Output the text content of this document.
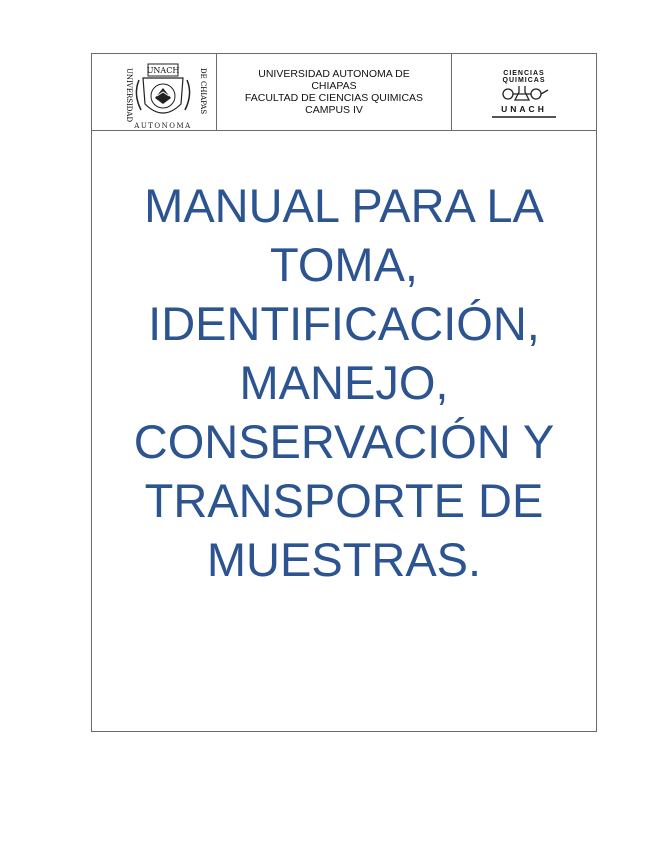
UNIVERSIDAD	DE CHIAPAS
UNACH
AUTONOMA
UNIVERSIDAD AUTONOMA DE
CHIAPAS
FACULTAD DE CIENCIAS QUIMICAS
CAMPUS IV
CIENCIAS
QUIMICAS
UNACH
MANUAL PARA LA
TOMA,
IDENTIFICACIÓN,
MANEJO,
CONSERVACIÓN Y
TRANSPORTE DE
MUESTRAS.
